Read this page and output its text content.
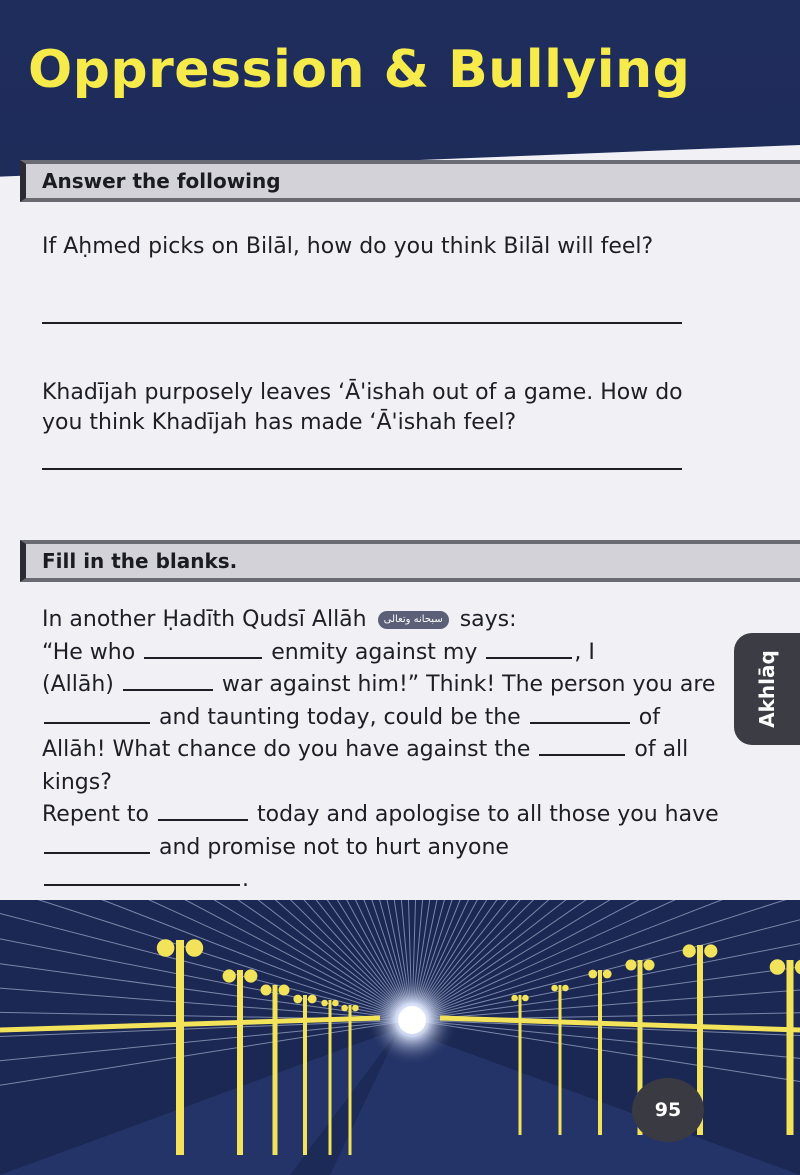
Oppression & Bullying
Answer the following

If Aḥmed picks on Bilāl, how do you think Bilāl will feel?

Khadījah purposely leaves ‘Ā'ishah out of a game. How do you think Khadījah has made ‘Ā'ishah feel?

Fill in the blanks.

In another Ḥadīth Qudsī Allāh سبحانه وتعالى says:
“He who	enmity against my	, I
(Allāh)	war against him!” Think! The person you are  and taunting today, could be the	of Allāh! What chance do you have against the	of all kings?
Repent to	today and apologise to all those you have  and promise not to hurt anyone
.

Akhlāq
95
